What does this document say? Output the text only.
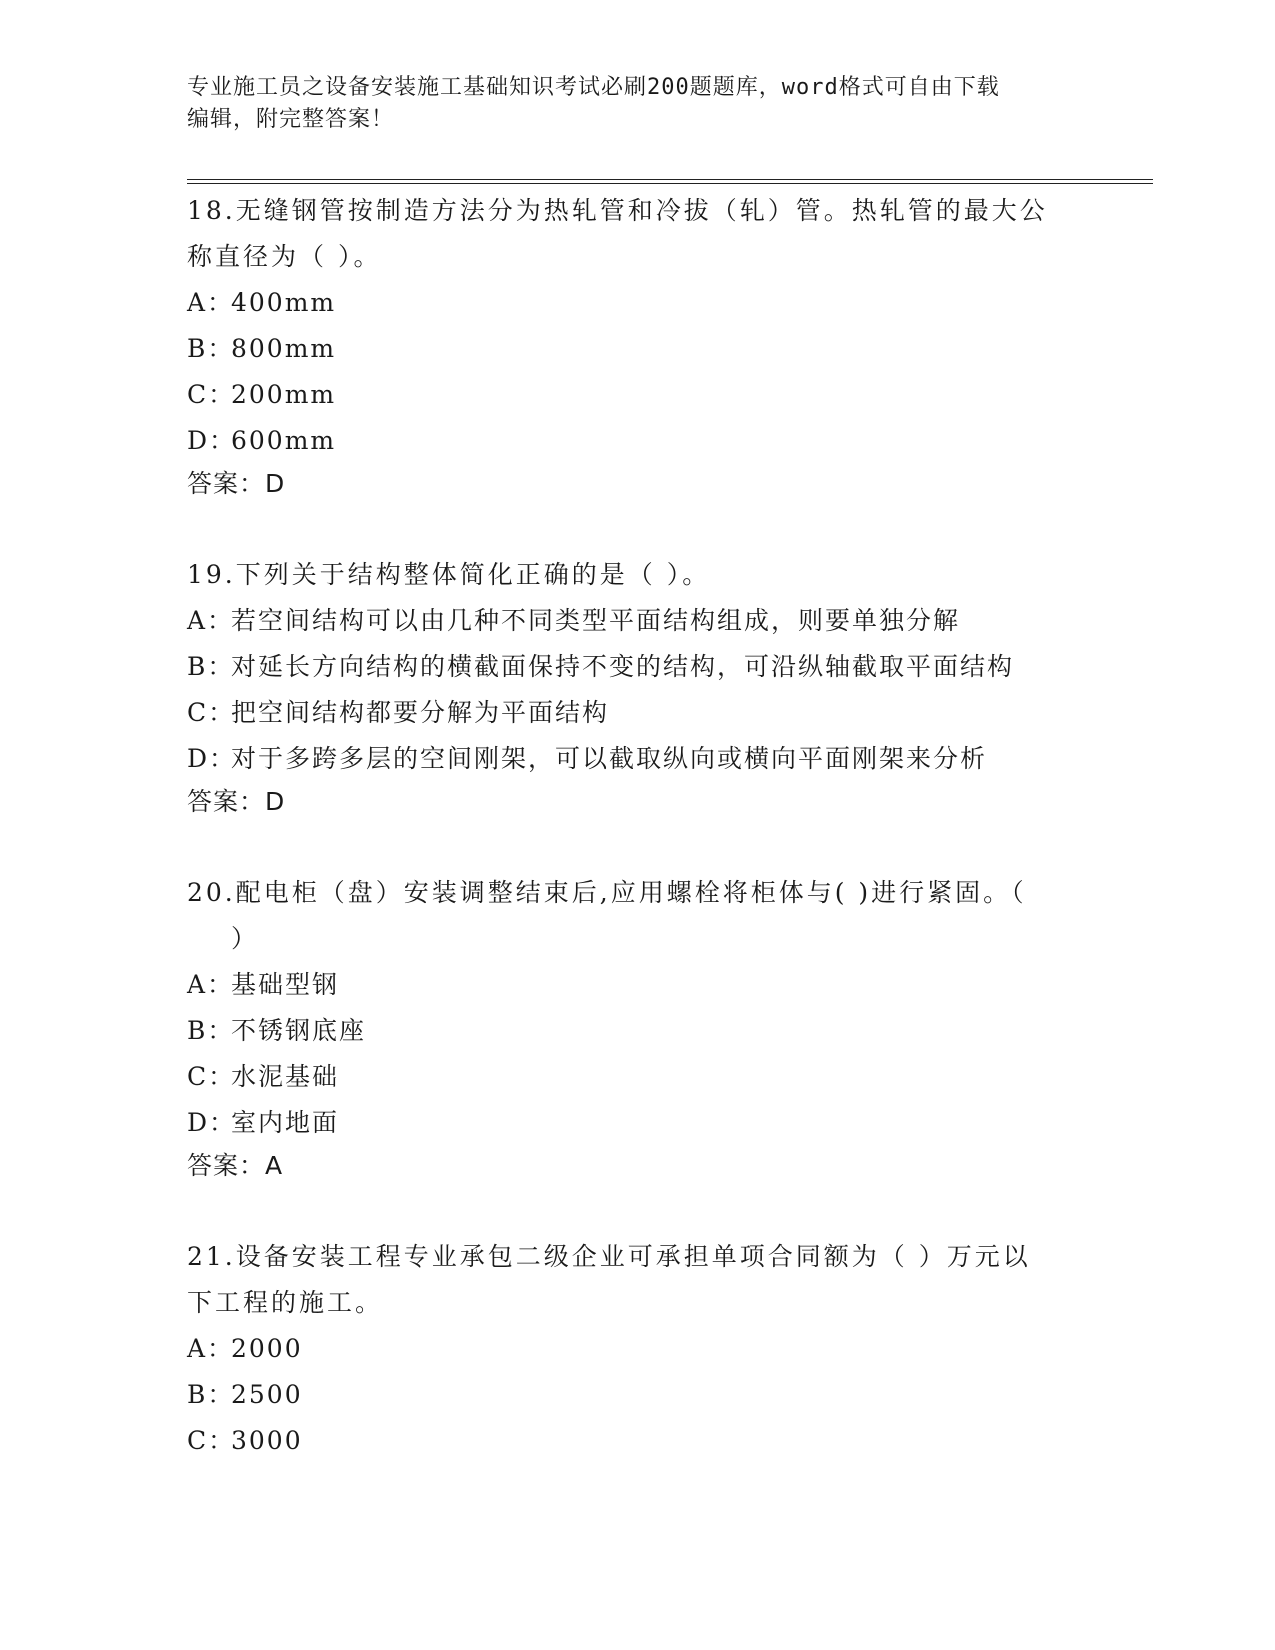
专业施工员之设备安装施工基础知识考试必刷200题题库，word格式可自由下载
编辑，附完整答案！
18.无缝钢管按制造方法分为热轧管和冷拔（轧）管。热轧管的最大公
称直径为（ ）。
A：400mm
B：800mm
C：200mm
D：600mm
答案：D
19.下列关于结构整体简化正确的是（ ）。
A：若空间结构可以由几种不同类型平面结构组成，则要单独分解
B：对延长方向结构的横截面保持不变的结构，可沿纵轴截取平面结构
C：把空间结构都要分解为平面结构
D：对于多跨多层的空间刚架，可以截取纵向或横向平面刚架来分析
答案：D
20.配电柜（盘）安装调整结束后,应用螺栓将柜体与( )进行紧固。（
）
A：基础型钢
B：不锈钢底座
C：水泥基础
D：室内地面
答案：A
21.设备安装工程专业承包二级企业可承担单项合同额为（ ）万元以
下工程的施工。
A：2000
B：2500
C：3000
